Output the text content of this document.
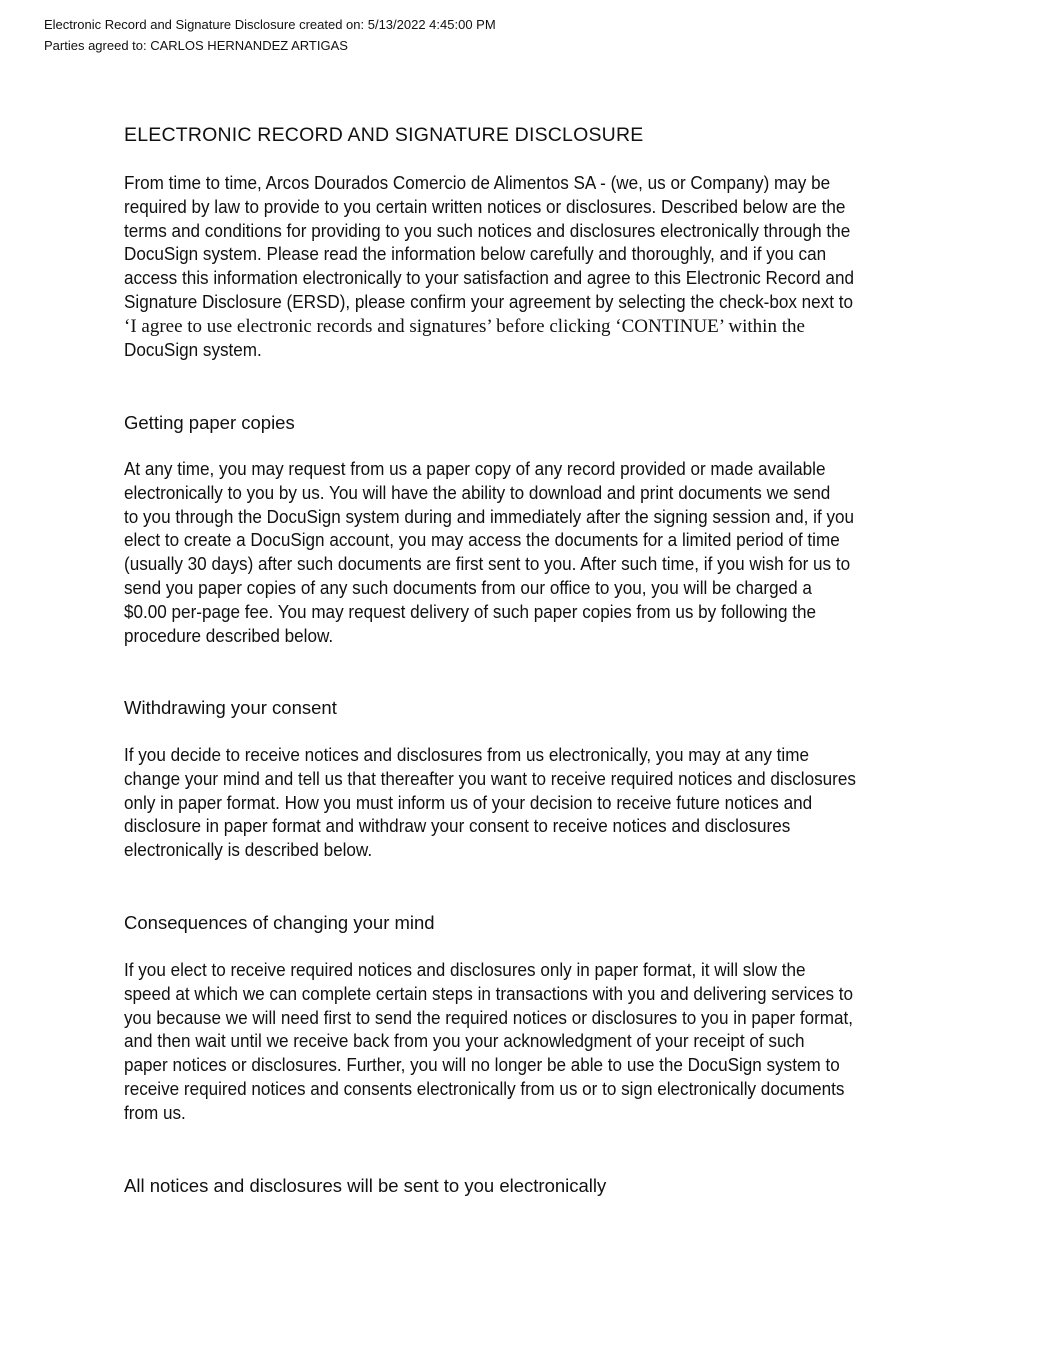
Electronic Record and Signature Disclosure created on: 5/13/2022 4:45:00 PM
Parties agreed to: CARLOS HERNANDEZ ARTIGAS
ELECTRONIC RECORD AND SIGNATURE DISCLOSURE
From time to time, Arcos Dourados Comercio de Alimentos SA - (we, us or Company) may be
required by law to provide to you certain written notices or disclosures. Described below are the
terms and conditions for providing to you such notices and disclosures electronically through the
DocuSign system. Please read the information below carefully and thoroughly, and if you can
access this information electronically to your satisfaction and agree to this Electronic Record and
Signature Disclosure (ERSD), please confirm your agreement by selecting the check-box next to
‘I agree to use electronic records and signatures’ before clicking ‘CONTINUE’ within the
DocuSign system.
Getting paper copies
At any time, you may request from us a paper copy of any record provided or made available
electronically to you by us. You will have the ability to download and print documents we send
to you through the DocuSign system during and immediately after the signing session and, if you
elect to create a DocuSign account, you may access the documents for a limited period of time
(usually 30 days) after such documents are first sent to you. After such time, if you wish for us to
send you paper copies of any such documents from our office to you, you will be charged a
$0.00 per-page fee. You may request delivery of such paper copies from us by following the
procedure described below.
Withdrawing your consent
If you decide to receive notices and disclosures from us electronically, you may at any time
change your mind and tell us that thereafter you want to receive required notices and disclosures
only in paper format. How you must inform us of your decision to receive future notices and
disclosure in paper format and withdraw your consent to receive notices and disclosures
electronically is described below.
Consequences of changing your mind
If you elect to receive required notices and disclosures only in paper format, it will slow the
speed at which we can complete certain steps in transactions with you and delivering services to
you because we will need first to send the required notices or disclosures to you in paper format,
and then wait until we receive back from you your acknowledgment of your receipt of such
paper notices or disclosures. Further, you will no longer be able to use the DocuSign system to
receive required notices and consents electronically from us or to sign electronically documents
from us.
All notices and disclosures will be sent to you electronically
